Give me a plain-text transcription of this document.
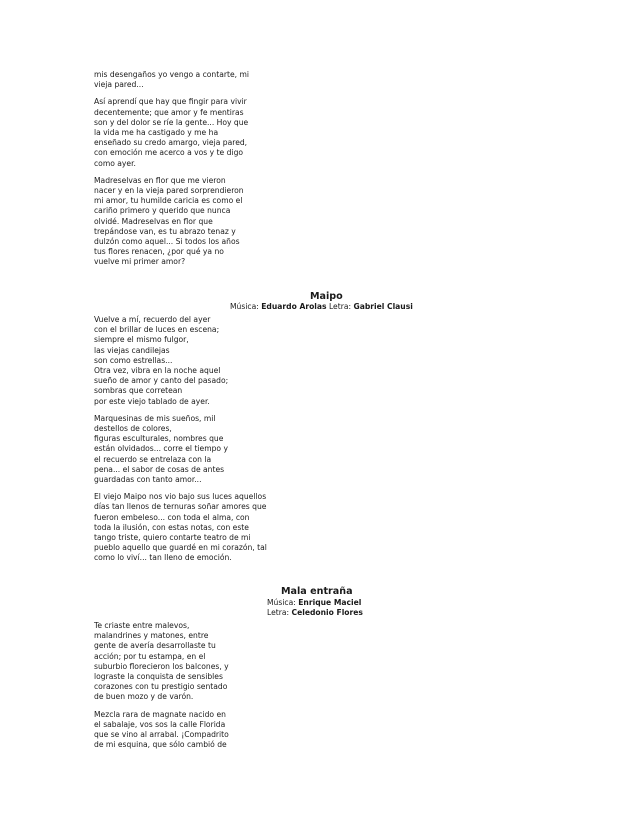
mis desengaños yo vengo a contarte, mi
vieja pared...

Así aprendí que hay que fingir para vivir
decentemente; que amor y fe mentiras
son y del dolor se ríe la gente... Hoy que
la vida me ha castigado y me ha
enseñado su credo amargo, vieja pared,
con emoción me acerco a vos y te digo
como ayer.

Madreselvas en flor que me vieron
nacer y en la vieja pared sorprendieron
mi amor, tu humilde caricia es como el
cariño primero y querido que nunca
olvidé. Madreselvas en flor que
trepándose van, es tu abrazo tenaz y
dulzón como aquel... Si todos los años
tus flores renacen, ¿por qué ya no
vuelve mi primer amor?

Maipo
Música: Eduardo Arolas Letra: Gabriel Clausi

Vuelve a mí, recuerdo del ayer
con el brillar de luces en escena;
siempre el mismo fulgor,
las viejas candilejas
son como estrellas...
Otra vez, vibra en la noche aquel
sueño de amor y canto del pasado;
sombras que corretean
por este viejo tablado de ayer.

Marquesinas de mis sueños, mil
destellos de colores,
figuras esculturales, nombres que
están olvidados... corre el tiempo y
el recuerdo se entrelaza con la
pena... el sabor de cosas de antes
guardadas con tanto amor...

El viejo Maipo nos vio bajo sus luces aquellos
días tan llenos de ternuras soñar amores que
fueron embeleso... con toda el alma, con
toda la ilusión, con estas notas, con este
tango triste, quiero contarte teatro de mi
pueblo aquello que guardé en mi corazón, tal
como lo viví... tan lleno de emoción.

Mala entraña
Música: Enrique Maciel
Letra: Celedonio Flores

Te criaste entre malevos,
malandrines y matones, entre
gente de avería desarrollaste tu
acción; por tu estampa, en el
suburbio florecieron los balcones, y
lograste la conquista de sensibles
corazones con tu prestigio sentado
de buen mozo y de varón.

Mezcla rara de magnate nacido en
el sabalaje, vos sos la calle Florida
que se vino al arrabal. ¡Compadrito
de mi esquina, que sólo cambió de
